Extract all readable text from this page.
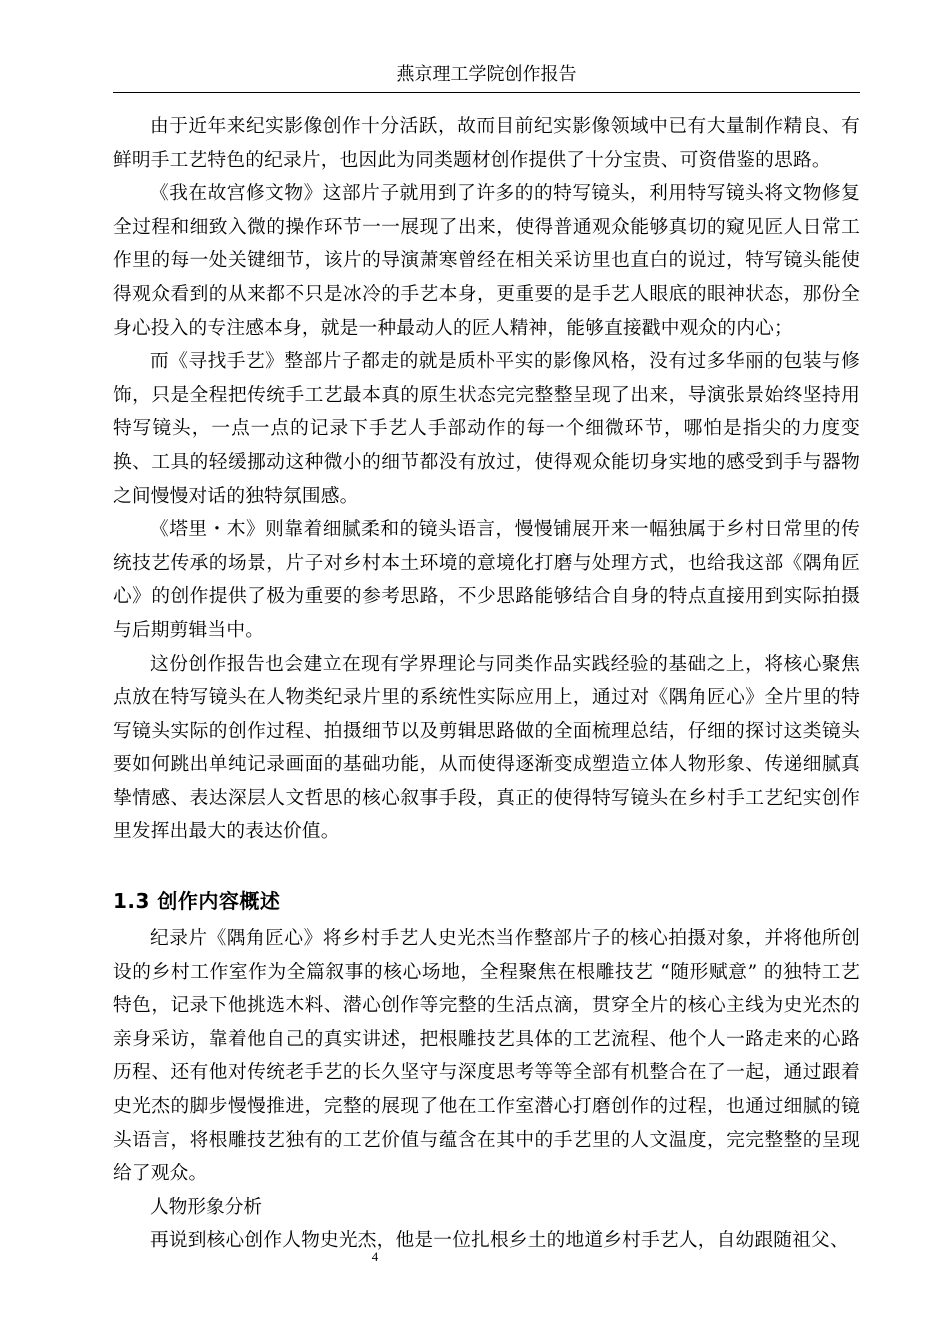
燕京理工学院创作报告

由于近年来纪实影像创作十分活跃，故而目前纪实影像领域中已有大量制作精良、有鲜明手工艺特色的纪录片，也因此为同类题材创作提供了十分宝贵、可资借鉴的思路。

《我在故宫修文物》这部片子就用到了许多的的特写镜头，利用特写镜头将文物修复全过程和细致入微的操作环节一一展现了出来，使得普通观众能够真切的窥见匠人日常工作里的每一处关键细节，该片的导演萧寒曾经在相关采访里也直白的说过，特写镜头能使得观众看到的从来都不只是冰冷的手艺本身，更重要的是手艺人眼底的眼神状态，那份全身心投入的专注感本身，就是一种最动人的匠人精神，能够直接戳中观众的内心；

而《寻找手艺》整部片子都走的就是质朴平实的影像风格，没有过多华丽的包装与修饰，只是全程把传统手工艺最本真的原生状态完完整整呈现了出来，导演张景始终坚持用特写镜头，一点一点的记录下手艺人手部动作的每一个细微环节，哪怕是指尖的力度变换、工具的轻缓挪动这种微小的细节都没有放过，使得观众能切身实地的感受到手与器物之间慢慢对话的独特氛围感。

《塔里・木》则靠着细腻柔和的镜头语言，慢慢铺展开来一幅独属于乡村日常里的传统技艺传承的场景，片子对乡村本土环境的意境化打磨与处理方式，也给我这部《隅角匠心》的创作提供了极为重要的参考思路，不少思路能够结合自身的特点直接用到实际拍摄与后期剪辑当中。

这份创作报告也会建立在现有学界理论与同类作品实践经验的基础之上，将核心聚焦点放在特写镜头在人物类纪录片里的系统性实际应用上，通过对《隅角匠心》全片里的特写镜头实际的创作过程、拍摄细节以及剪辑思路做的全面梳理总结，仔细的探讨这类镜头要如何跳出单纯记录画面的基础功能，从而使得逐渐变成塑造立体人物形象、传递细腻真挚情感、表达深层人文哲思的核心叙事手段，真正的使得特写镜头在乡村手工艺纪实创作里发挥出最大的表达价值。

1.3 创作内容概述

纪录片《隅角匠心》将乡村手艺人史光杰当作整部片子的核心拍摄对象，并将他所创设的乡村工作室作为全篇叙事的核心场地，全程聚焦在根雕技艺 “随形赋意” 的独特工艺特色，记录下他挑选木料、潜心创作等完整的生活点滴，贯穿全片的核心主线为史光杰的亲身采访，靠着他自己的真实讲述，把根雕技艺具体的工艺流程、他个人一路走来的心路历程、还有他对传统老手艺的长久坚守与深度思考等等全部有机整合在了一起，通过跟着史光杰的脚步慢慢推进，完整的展现了他在工作室潜心打磨创作的过程，也通过细腻的镜头语言，将根雕技艺独有的工艺价值与蕴含在其中的手艺里的人文温度，完完整整的呈现给了观众。

人物形象分析

再说到核心创作人物史光杰，他是一位扎根乡土的地道乡村手艺人，自幼跟随祖父、

4
